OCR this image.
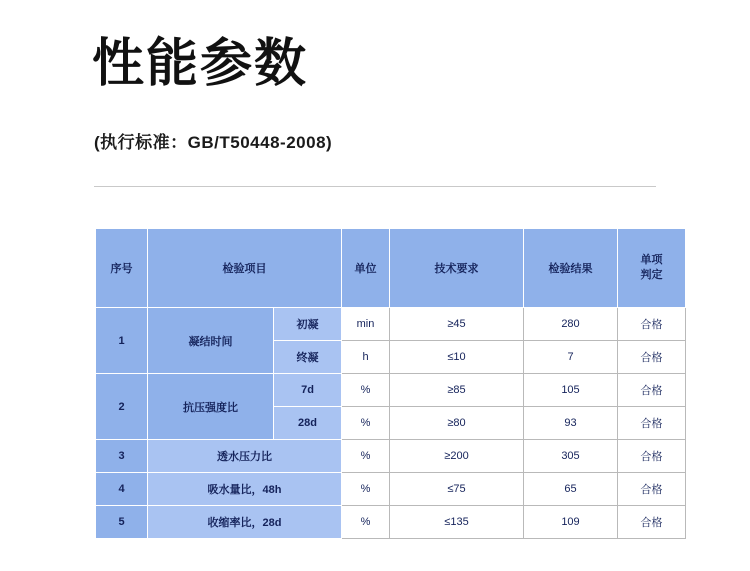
性能参数
(执行标准：GB/T50448-2008)
序号	检验项目		单位	技术要求	检验结果	单项
判定

1	凝结时间	初凝	min	≥45	280	合格
		终凝	h	≤10	7	合格
2	抗压强度比	7d	%	≥85	105	合格
		28d	%	≥80	93	合格
3	透水压力比		%	≥200	305	合格
4	吸水量比，48h		%	≤75	65	合格
5	收缩率比，28d		%	≤135	109	合格
